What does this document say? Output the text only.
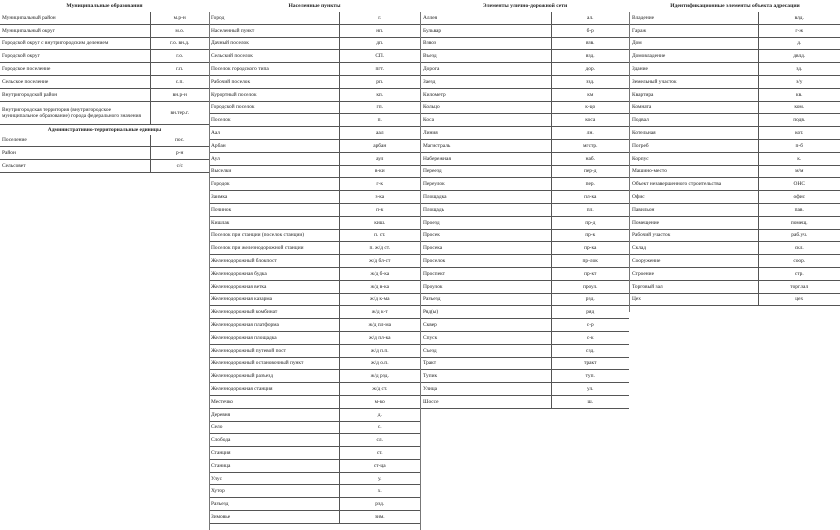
Муниципальные образования
Муниципальный район	м.р-н
Муниципальный округ	м.о.
Городской округ с внутригородским делением	г.о. вн.д.
Городской округ	г.о.
Городское поселение	г.п.
Сельское поселение	с.п.
Внутригородской район	вн.р-н
Внутригородская территория (внутригородское муниципальное образование) города федерального значения	вн.тер.г.
Административно-территориальные единицы
Поселение	пос.
Район	р-н
Сельсовет	с/с
Населенные пункты
Город	г.
Населенный пункт	нп.
Дачный поселок	дп.
Сельский поселок	СП.
Поселок городского типа	пгт.
Рабочий поселок	рп.
Курортный поселок	кп.
Городской поселок	гп.
Поселок	п.
Аал	аал
Арбан	арбан
Аул	аул
Выселки	в-ки
Городок	г-к
Заимка	з-ка
Починок	п-к
Кишлак	киш.
Поселок при станции (поселок станции)	п. ст.
Поселок при железнодорожной станции	п. ж/д ст.
Железнодорожный блокпост	ж/д бл-ст
Железнодорожная будка	ж/д б-ка
Железнодорожная ветка	ж/д в-ка
Железнодорожная казарма	ж/д к-ма
Железнодорожный комбинат	ж/д к-т
Железнодорожная платформа	ж/д пл-ма
Железнодорожная площадка	ж/д пл-ка
Железнодорожный путевой пост	ж/д п.п.
Железнодорожный остановочный пункт	ж/д о.п.
Железнодорожный разъезд	ж/д рзд.
Железнодорожная станция	ж/д ст.
Местечко	м-ко
Деревня	д.
Село	с.
Слобода	сл.
Станция	ст.
Станица	ст-ца
Улус	у.
Хутор	х.
Разъезд	рзд.
Зимовье	зим.
Элементы улично-дорожной сети
Аллея	ал.
Бульвар	б-р
Взвоз	взв.
Въезд	взд.
Дорога	дор.
Заезд	ззд.
Километр	км
Кольцо	к-цо
Коса	коса
Линия	лн.
Магистраль	мгстр.
Набережная	наб.
Переезд	пер-д
Переулок	пер.
Площадка	пл-ка
Площадь	пл.
Проезд	пр-д
Просек	пр-к
Просека	пр-ка
Проселок	пр-лок
Проспект	пр-кт
Проулок	проул.
Разъезд	рзд.
Ряд(ы)	ряд
Сквер	с-р
Спуск	с-к
Съезд	сзд.
Тракт	тракт
Тупик	туп.
Улица	ул.
Шоссе	ш.
Идентификационные элементы объекта адресации
Владение	влд.
Гараж	г-ж
Дом	д.
Домовладение	двлд.
Здание	зд.
Земельный участок	з/у
Квартира	кв.
Комната	ком.
Подвал	подв.
Котельная	кот.
Погреб	п-б
Корпус	к.
Машино-место	м/м
Объект незавершенного строительства	ОНС
Офис	офис
Павильон	пав.
Помещение	помещ.
Рабочий участок	раб.уч.
Склад	скл.
Сооружение	соор.
Строение	стр.
Торговый зал	торг.зал
Цех	цех
